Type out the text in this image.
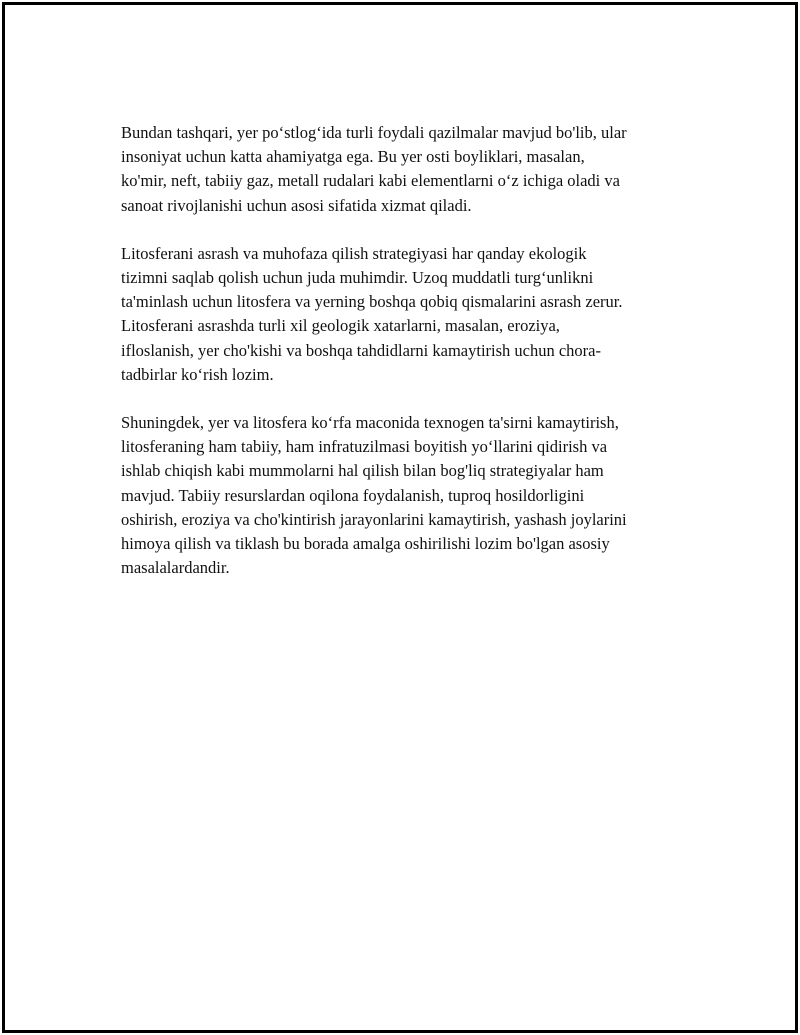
Bundan tashqari, yer po‘stlog‘ida turli foydali qazilmalar mavjud bo'lib, ular
insoniyat uchun katta ahamiyatga ega. Bu yer osti boyliklari, masalan,
ko'mir, neft, tabiiy gaz, metall rudalari kabi elementlarni o‘z ichiga oladi va
sanoat rivojlanishi uchun asosi sifatida xizmat qiladi.

Litosferani asrash va muhofaza qilish strategiyasi har qanday ekologik
tizimni saqlab qolish uchun juda muhimdir. Uzoq muddatli turg‘unlikni
ta'minlash uchun litosfera va yerning boshqa qobiq qismalarini asrash zerur.
Litosferani asrashda turli xil geologik xatarlarni, masalan, eroziya,
ifloslanish, yer cho'kishi va boshqa tahdidlarni kamaytirish uchun chora-
tadbirlar ko‘rish lozim.

Shuningdek, yer va litosfera ko‘rfa maconida texnogen ta'sirni kamaytirish,
litosferaning ham tabiiy, ham infratuzilmasi boyitish yo‘llarini qidirish va
ishlab chiqish kabi mummolarni hal qilish bilan bog'liq strategiyalar ham
mavjud. Tabiiy resurslardan oqilona foydalanish, tuproq hosildorligini
oshirish, eroziya va cho'kintirish jarayonlarini kamaytirish, yashash joylarini
himoya qilish va tiklash bu borada amalga oshirilishi lozim bo'lgan asosiy
masalalardandir.
